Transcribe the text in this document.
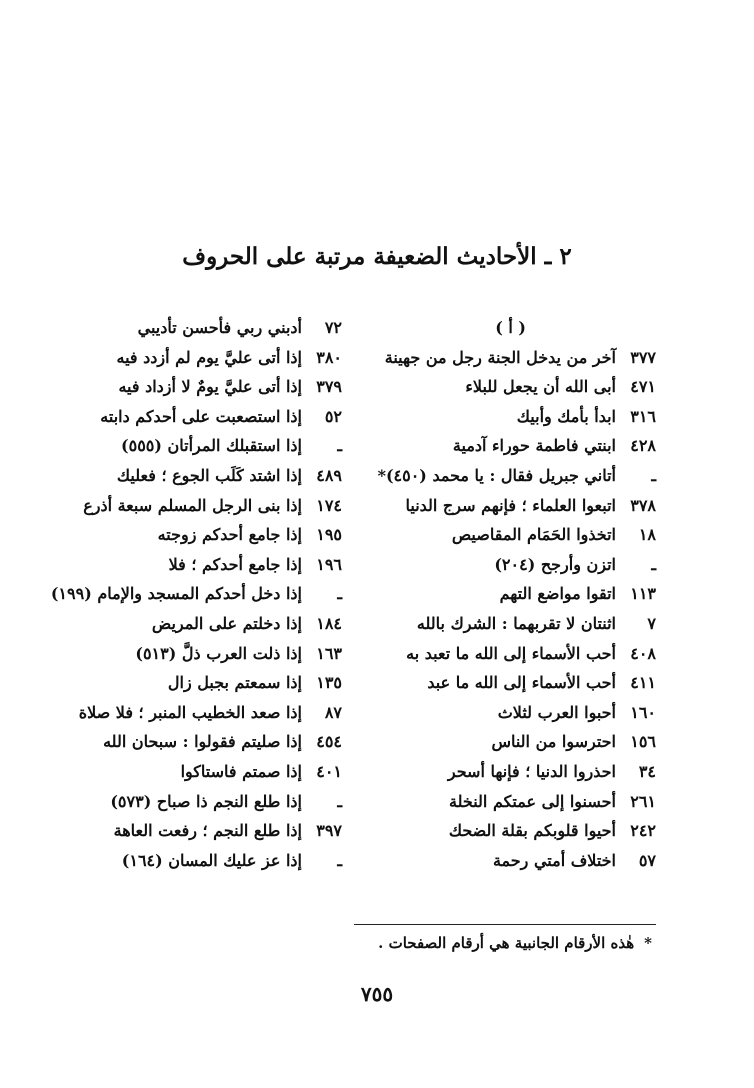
٢ ـ الأحاديث الضعيفة مرتبة على الحروف
( أ )
٣٧٧
آخر من يدخل الجنة رجل من جهينة
٤٧١
أبى الله أن يجعل للبلاء
٣١٦
ابدأ بأمك وأبيك
٤٢٨
ابنتي فاطمة حوراء آدمية
ـ
أتاني جبريل فقال : يا محمد (٤٥٠)*
٣٧٨
اتبعوا العلماء ؛ فإنهم سرج الدنيا
١٨
اتخذوا الحَمَام المقاصيص
ـ
اتزن وأرجح (٢٠٤)
١١٣
اتقوا مواضع التهم
٧
اثنتان لا تقربهما : الشرك بالله
٤٠٨
أحب الأسماء إلى الله ما تعبد به
٤١١
أحب الأسماء إلى الله ما عبد
١٦٠
أحبوا العرب لثلاث
١٥٦
احترسوا من الناس
٣٤
احذروا الدنيا ؛ فإنها أسحر
٢٦١
أحسنوا إلى عمتكم النخلة
٢٤٢
أحيوا قلوبكم بقلة الضحك
٥٧
اختلاف أمتي رحمة
٧٢
أدبني ربي فأحسن تأديبي
٣٨٠
إذا أتى عليَّ يوم لم أزدد فيه
٣٧٩
إذا أتى عليَّ يومٌ لا أزداد فيه
٥٢
إذا استصعبت على أحدكم دابته
ـ
إذا استقبلك المرأتان (٥٥٥)
٤٨٩
إذا اشتد كَلَب الجوع ؛ فعليك
١٧٤
إذا بنى الرجل المسلم سبعة أذرع
١٩٥
إذا جامع أحدكم زوجته
١٩٦
إذا جامع أحدكم ؛ فلا
ـ
إذا دخل أحدكم المسجد والإمام (١٩٩)
١٨٤
إذا دخلتم على المريض
١٦٣
إذا ذلت العرب ذلَّ (٥١٣)
١٣٥
إذا سمعتم بجبل زال
٨٧
إذا صعد الخطيب المنبر ؛ فلا صلاة
٤٥٤
إذا صليتم فقولوا : سبحان الله
٤٠١
إذا صمتم فاستاكوا
ـ
إذا طلع النجم ذا صباح (٥٧٣)
٣٩٧
إذا طلع النجم ؛ رفعت العاهة
ـ
إذا عز عليك المسان (١٦٤)
*هٰذه الأرقام الجانبية هي أرقام الصفحات .
٧٥٥
